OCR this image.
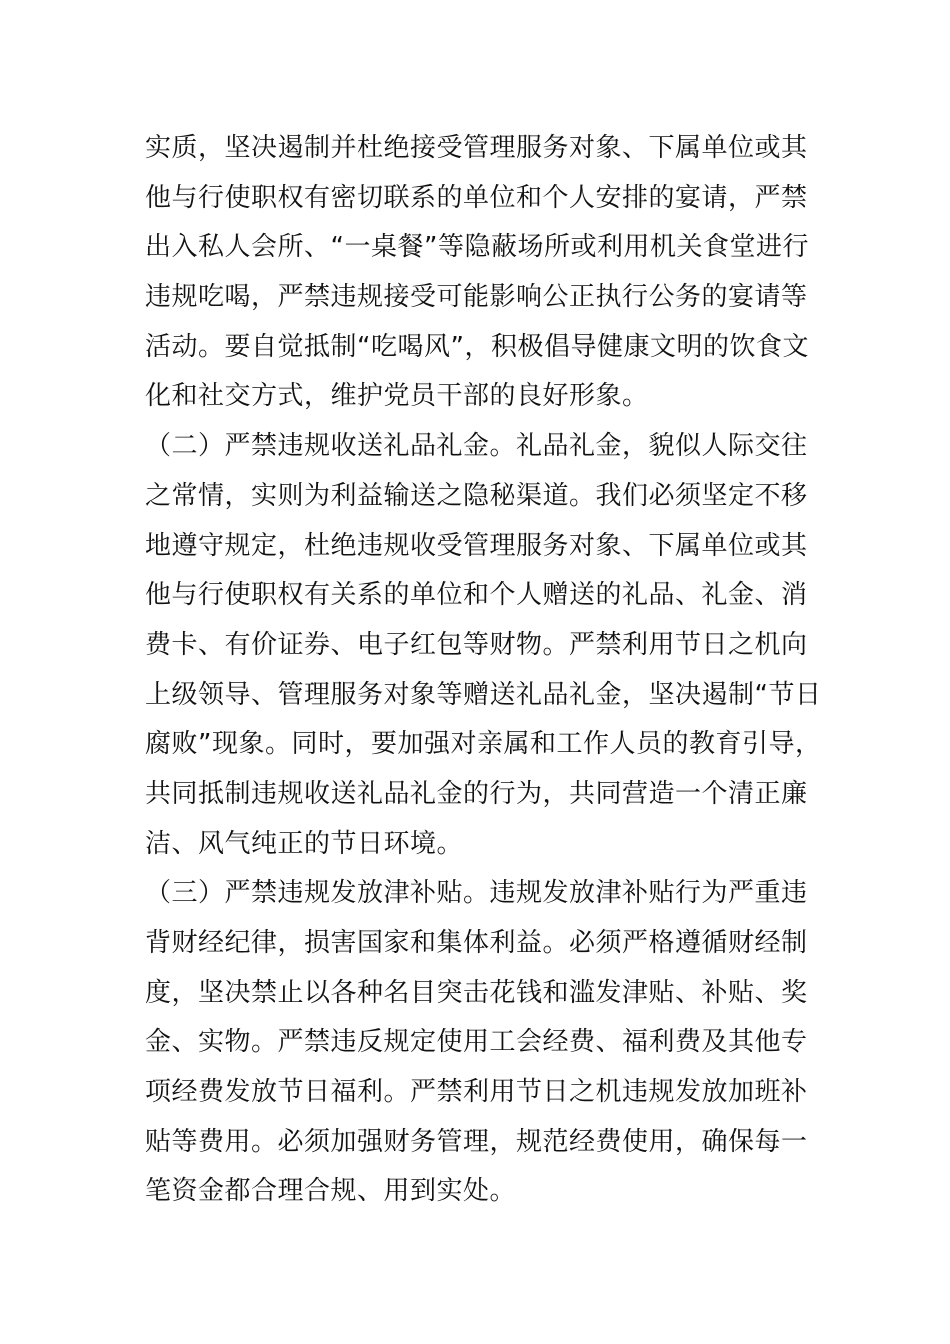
实质，坚决遏制并杜绝接受管理服务对象、下属单位或其
他与行使职权有密切联系的单位和个人安排的宴请，严禁
出入私人会所、“一桌餐”等隐蔽场所或利用机关食堂进行
违规吃喝，严禁违规接受可能影响公正执行公务的宴请等
活动。要自觉抵制“吃喝风”，积极倡导健康文明的饮食文
化和社交方式，维护党员干部的良好形象。
（二）严禁违规收送礼品礼金。礼品礼金，貌似人际交往
之常情，实则为利益输送之隐秘渠道。我们必须坚定不移
地遵守规定，杜绝违规收受管理服务对象、下属单位或其
他与行使职权有关系的单位和个人赠送的礼品、礼金、消
费卡、有价证券、电子红包等财物。严禁利用节日之机向
上级领导、管理服务对象等赠送礼品礼金，坚决遏制“节日
腐败”现象。同时，要加强对亲属和工作人员的教育引导，
共同抵制违规收送礼品礼金的行为，共同营造一个清正廉
洁、风气纯正的节日环境。
（三）严禁违规发放津补贴。违规发放津补贴行为严重违
背财经纪律，损害国家和集体利益。必须严格遵循财经制
度，坚决禁止以各种名目突击花钱和滥发津贴、补贴、奖
金、实物。严禁违反规定使用工会经费、福利费及其他专
项经费发放节日福利。严禁利用节日之机违规发放加班补
贴等费用。必须加强财务管理，规范经费使用，确保每一
笔资金都合理合规、用到实处。
